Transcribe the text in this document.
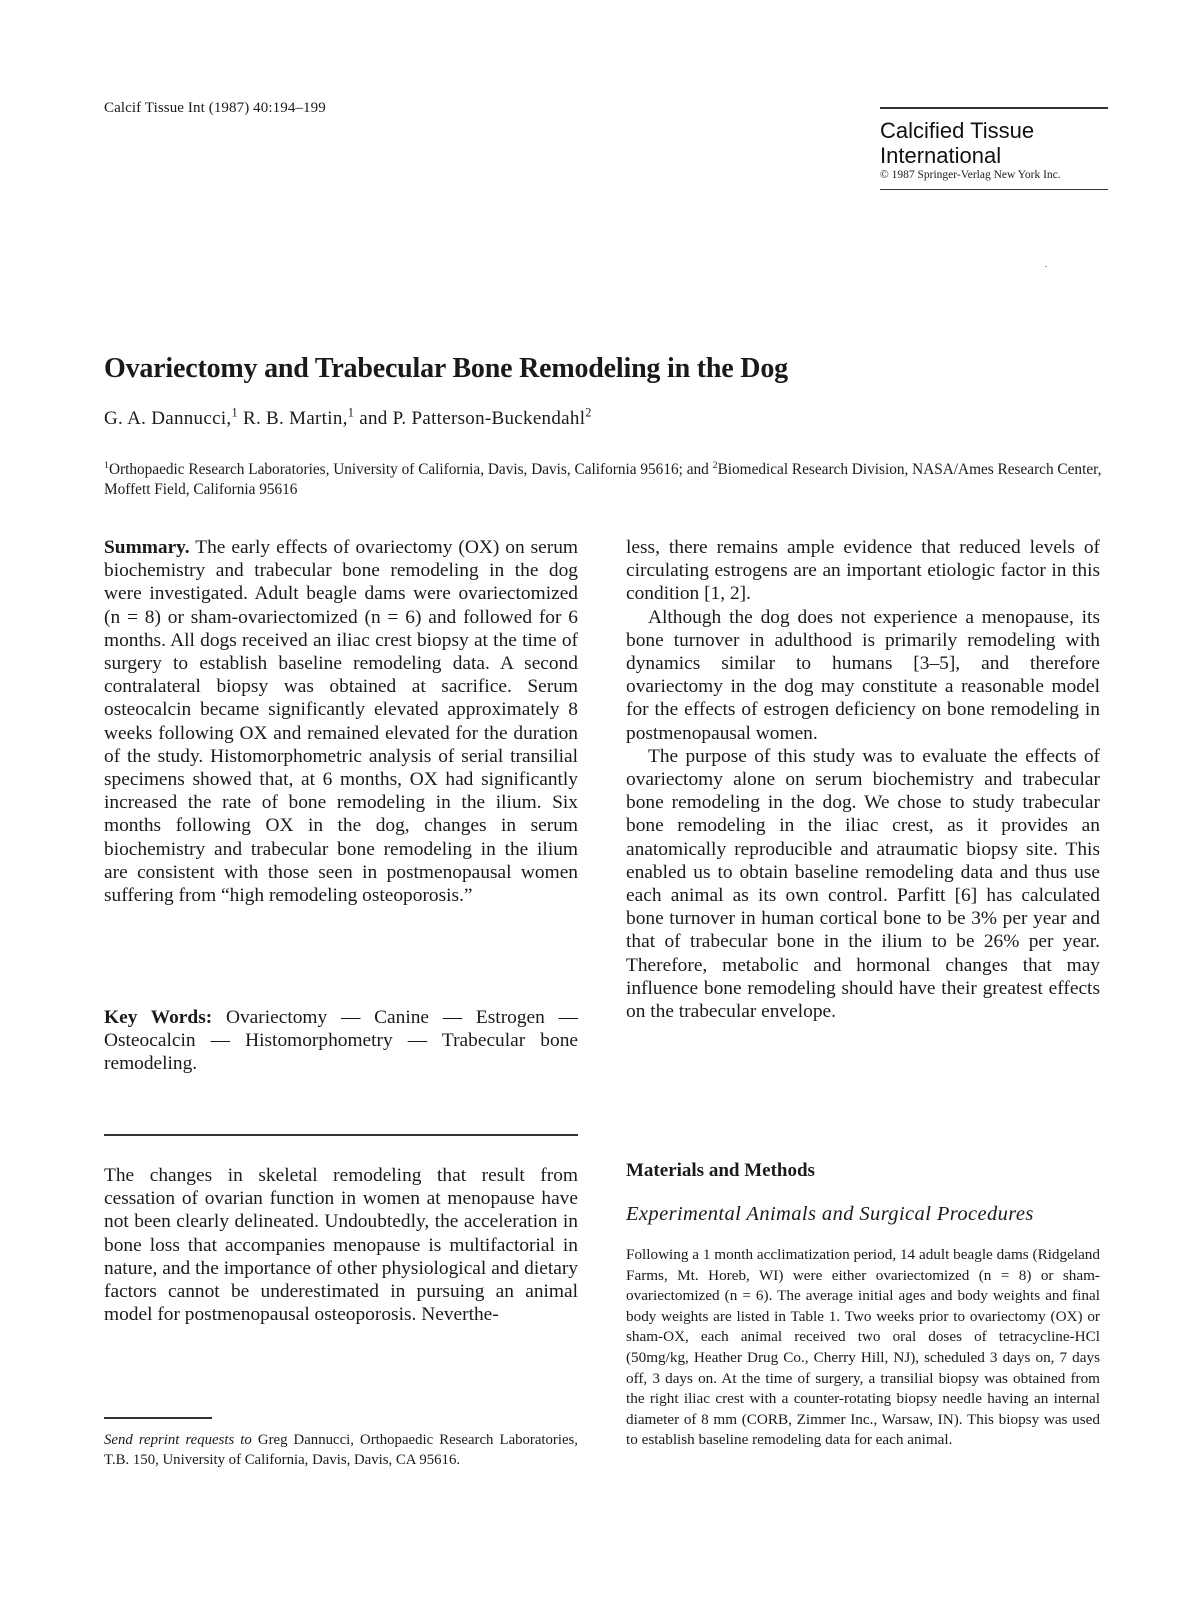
Calcif Tissue Int (1987) 40:194–199
Calcified Tissue
International
© 1987 Springer-Verlag New York Inc.
Ovariectomy and Trabecular Bone Remodeling in the Dog
G. A. Dannucci,$^1$ R. B. Martin,$^1$ and P. Patterson-Buckendahl$^2$
$^1$Orthopaedic Research Laboratories, University of California, Davis, Davis, California 95616; and $^2$Biomedical Research Division, NASA/Ames Research Center, Moffett Field, California 95616

Summary. The early effects of ovariectomy (OX) on serum biochemistry and trabecular bone remodeling in the dog were investigated. Adult beagle dams were ovariectomized (n = 8) or sham-ovariectomized (n = 6) and followed for 6 months. All dogs received an iliac crest biopsy at the time of surgery to establish baseline remodeling data. A second contralateral biopsy was obtained at sacrifice. Serum osteocalcin became significantly elevated approximately 8 weeks following OX and remained elevated for the duration of the study. Histomorphometric analysis of serial transilial specimens showed that, at 6 months, OX had significantly increased the rate of bone remodeling in the ilium. Six months following OX in the dog, changes in serum biochemistry and trabecular bone remodeling in the ilium are consistent with those seen in postmenopausal women suffering from “high remodeling osteoporosis.”

Key Words: Ovariectomy — Canine — Estrogen — Osteocalcin — Histomorphometry — Trabecular bone remodeling.

The changes in skeletal remodeling that result from cessation of ovarian function in women at menopause have not been clearly delineated. Undoubtedly, the acceleration in bone loss that accompanies menopause is multifactorial in nature, and the importance of other physiological and dietary factors cannot be underestimated in pursuing an animal model for postmenopausal osteoporosis. Neverthe-

Send reprint requests to Greg Dannucci, Orthopaedic Research Laboratories, T.B. 150, University of California, Davis, Davis, CA 95616.

less, there remains ample evidence that reduced levels of circulating estrogens are an important etiologic factor in this condition [1, 2].

Although the dog does not experience a menopause, its bone turnover in adulthood is primarily remodeling with dynamics similar to humans [3–5], and therefore ovariectomy in the dog may constitute a reasonable model for the effects of estrogen deficiency on bone remodeling in postmenopausal women.

The purpose of this study was to evaluate the effects of ovariectomy alone on serum biochemistry and trabecular bone remodeling in the dog. We chose to study trabecular bone remodeling in the iliac crest, as it provides an anatomically reproducible and atraumatic biopsy site. This enabled us to obtain baseline remodeling data and thus use each animal as its own control. Parfitt [6] has calculated bone turnover in human cortical bone to be 3% per year and that of trabecular bone in the ilium to be 26% per year. Therefore, metabolic and hormonal changes that may influence bone remodeling should have their greatest effects on the trabecular envelope.

Materials and Methods
Experimental Animals and Surgical Procedures
Following a 1 month acclimatization period, 14 adult beagle dams (Ridgeland Farms, Mt. Horeb, WI) were either ovariectomized (n = 8) or sham-ovariectomized (n = 6). The average initial ages and body weights and final body weights are listed in Table 1. Two weeks prior to ovariectomy (OX) or sham-OX, each animal received two oral doses of tetracycline-HCl (50mg/kg, Heather Drug Co., Cherry Hill, NJ), scheduled 3 days on, 7 days off, 3 days on. At the time of surgery, a transilial biopsy was obtained from the right iliac crest with a counter-rotating biopsy needle having an internal diameter of 8 mm (CORB, Zimmer Inc., Warsaw, IN). This biopsy was used to establish baseline remodeling data for each animal.
